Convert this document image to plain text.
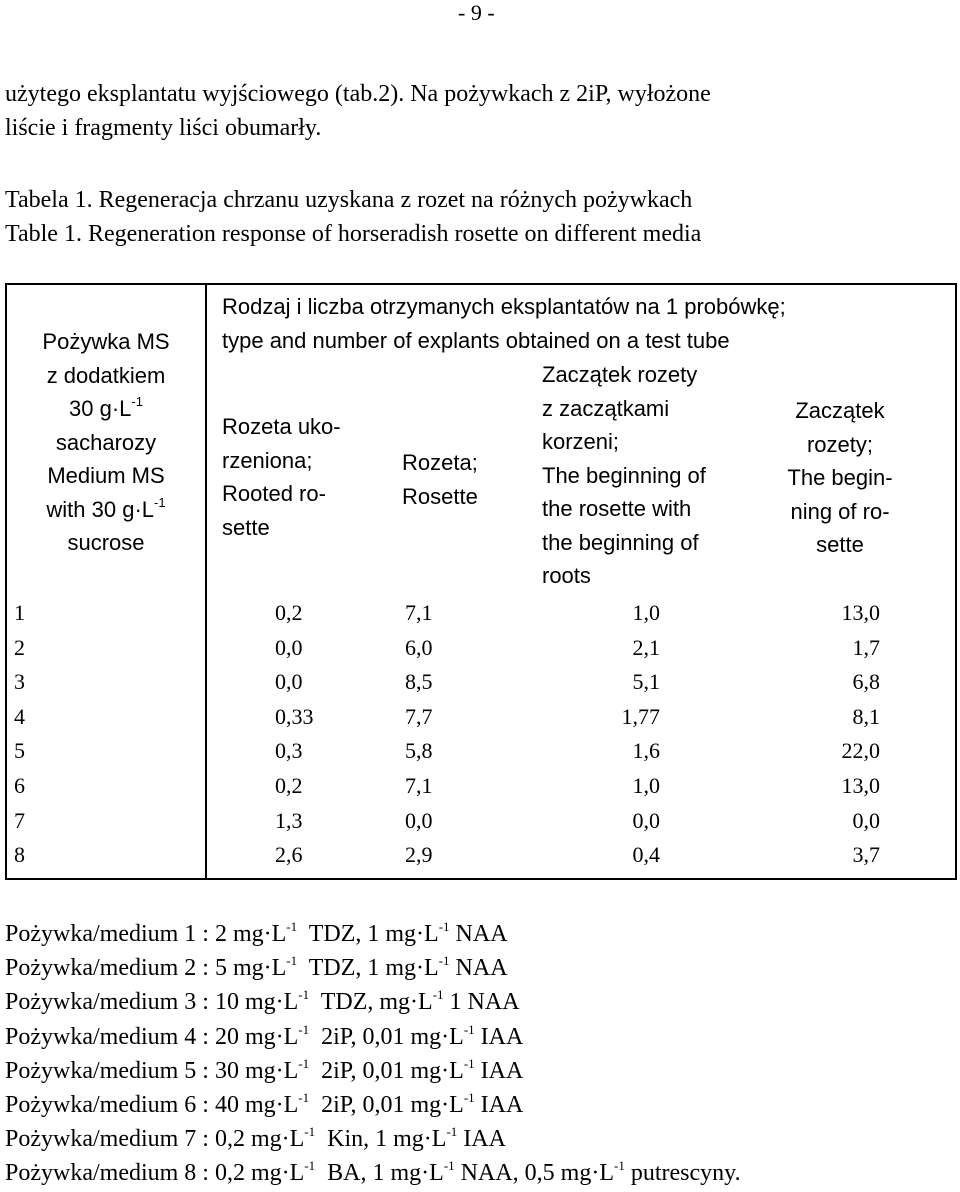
- 9 -
użytego eksplantatu wyjściowego (tab.2). Na pożywkach z 2iP, wyłożone
liście i fragmenty liści obumarły.
Tabela 1. Regeneracja chrzanu uzyskana z rozet na różnych pożywkach
Table 1. Regeneration response of horseradish rosette on different media
Pożywka MS
z dodatkiem
30 $g\cdot L^{-1}$
sacharozy
Medium MS
with 30 $g\cdot L^{-1}$
sucrose
Rodzaj i liczba otrzymanych eksplantatów na 1 probówkę;
type and number of explants obtained on a test tube
Rozeta uko-
rzeniona;
Rooted ro-
sette
Rozeta;
Rosette
Zaczątek rozety
z zaczątkami
korzeni;
The beginning of
the rosette with
the beginning of
roots
Zaczątek
rozety;
The begin-
ning of ro-
sette
1	0,2	7,1	1,0	13,0
2	0,0	6,0	2,1	1,7
3	0,0	8,5	5,1	6,8
4	0,33	7,7	1,77	8,1
5	0,3	5,8	1,6	22,0
6	0,2	7,1	1,0	13,0
7	1,3	0,0	0,0	0,0
8	2,6	2,9	0,4	3,7
Pożywka/medium 1 : 2 $mg\cdot L^{-1}$  TDZ, 1 $mg\cdot L^{-1}$ NAA
Pożywka/medium 2 : 5 $mg\cdot L^{-1}$  TDZ, 1 $mg\cdot L^{-1}$ NAA
Pożywka/medium 3 : 10 $mg\cdot L^{-1}$  TDZ, $mg\cdot L^{-1}$ 1 NAA
Pożywka/medium 4 : 20 $mg\cdot L^{-1}$  2iP, 0,01 $mg\cdot L^{-1}$ IAA
Pożywka/medium 5 : 30 $mg\cdot L^{-1}$  2iP, 0,01 $mg\cdot L^{-1}$ IAA
Pożywka/medium 6 : 40 $mg\cdot L^{-1}$  2iP, 0,01 $mg\cdot L^{-1}$ IAA
Pożywka/medium 7 : 0,2 $mg\cdot L^{-1}$  Kin, 1 $mg\cdot L^{-1}$ IAA
Pożywka/medium 8 : 0,2 $mg\cdot L^{-1}$  BA, 1 $mg\cdot L^{-1}$ NAA, 0,5 $mg\cdot L^{-1}$ putrescyny.
